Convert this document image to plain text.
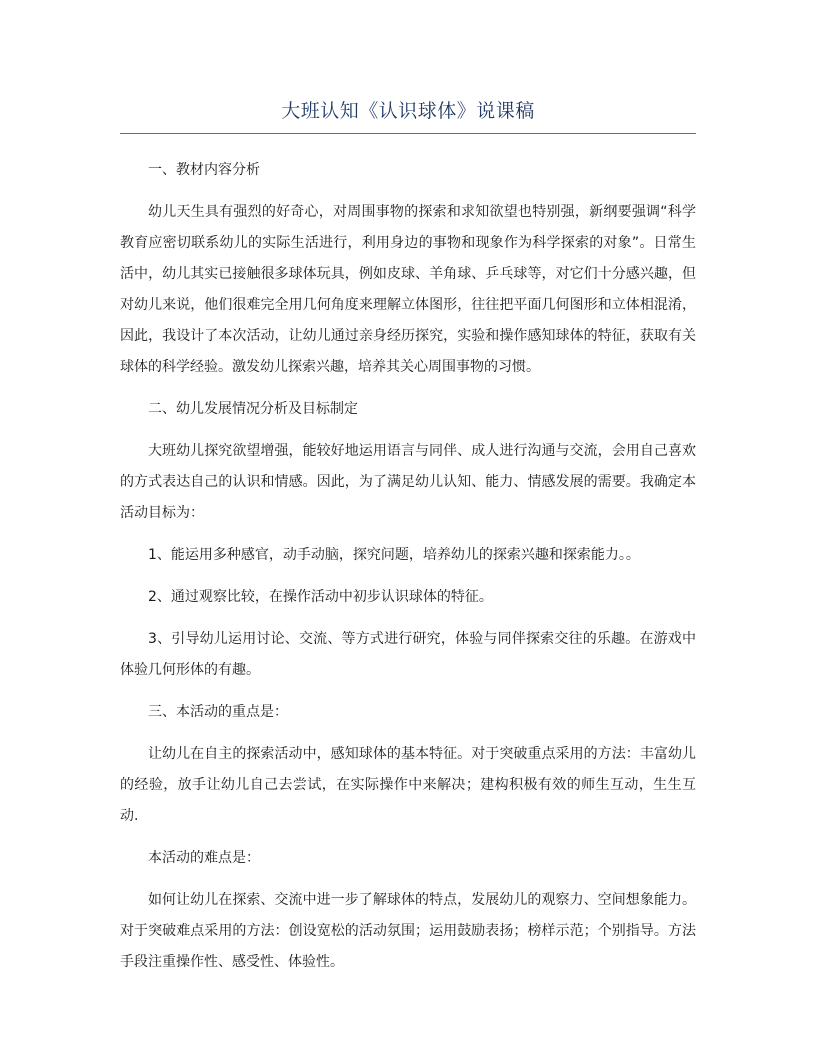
大班认知《认识球体》说课稿

一、教材内容分析

幼儿天生具有强烈的好奇心，对周围事物的探索和求知欲望也特别强，新纲要强调“科学教育应密切联系幼儿的实际生活进行，利用身边的事物和现象作为科学探索的对象”。日常生活中，幼儿其实已接触很多球体玩具，例如皮球、羊角球、乒乓球等，对它们十分感兴趣，但对幼儿来说，他们很难完全用几何角度来理解立体图形，往往把平面几何图形和立体相混淆，因此，我设计了本次活动，让幼儿通过亲身经历探究，实验和操作感知球体的特征，获取有关球体的科学经验。激发幼儿探索兴趣，培养其关心周围事物的习惯。

二、幼儿发展情况分析及目标制定

大班幼儿探究欲望增强，能较好地运用语言与同伴、成人进行沟通与交流，会用自己喜欢的方式表达自己的认识和情感。因此，为了满足幼儿认知、能力、情感发展的需要。我确定本活动目标为：

1、能运用多种感官，动手动脑，探究问题，培养幼儿的探索兴趣和探索能力。。

2、通过观察比较，在操作活动中初步认识球体的特征。

3、引导幼儿运用讨论、交流、等方式进行研究，体验与同伴探索交往的乐趣。在游戏中体验几何形体的有趣。

三、本活动的重点是：

让幼儿在自主的探索活动中，感知球体的基本特征。对于突破重点采用的方法：丰富幼儿的经验，放手让幼儿自己去尝试，在实际操作中来解决；建构积极有效的师生互动，生生互动.

本活动的难点是：

如何让幼儿在探索、交流中进一步了解球体的特点，发展幼儿的观察力、空间想象能力。对于突破难点采用的方法：创设宽松的活动氛围；运用鼓励表扬；榜样示范；个别指导。方法手段注重操作性、感受性、体验性。
